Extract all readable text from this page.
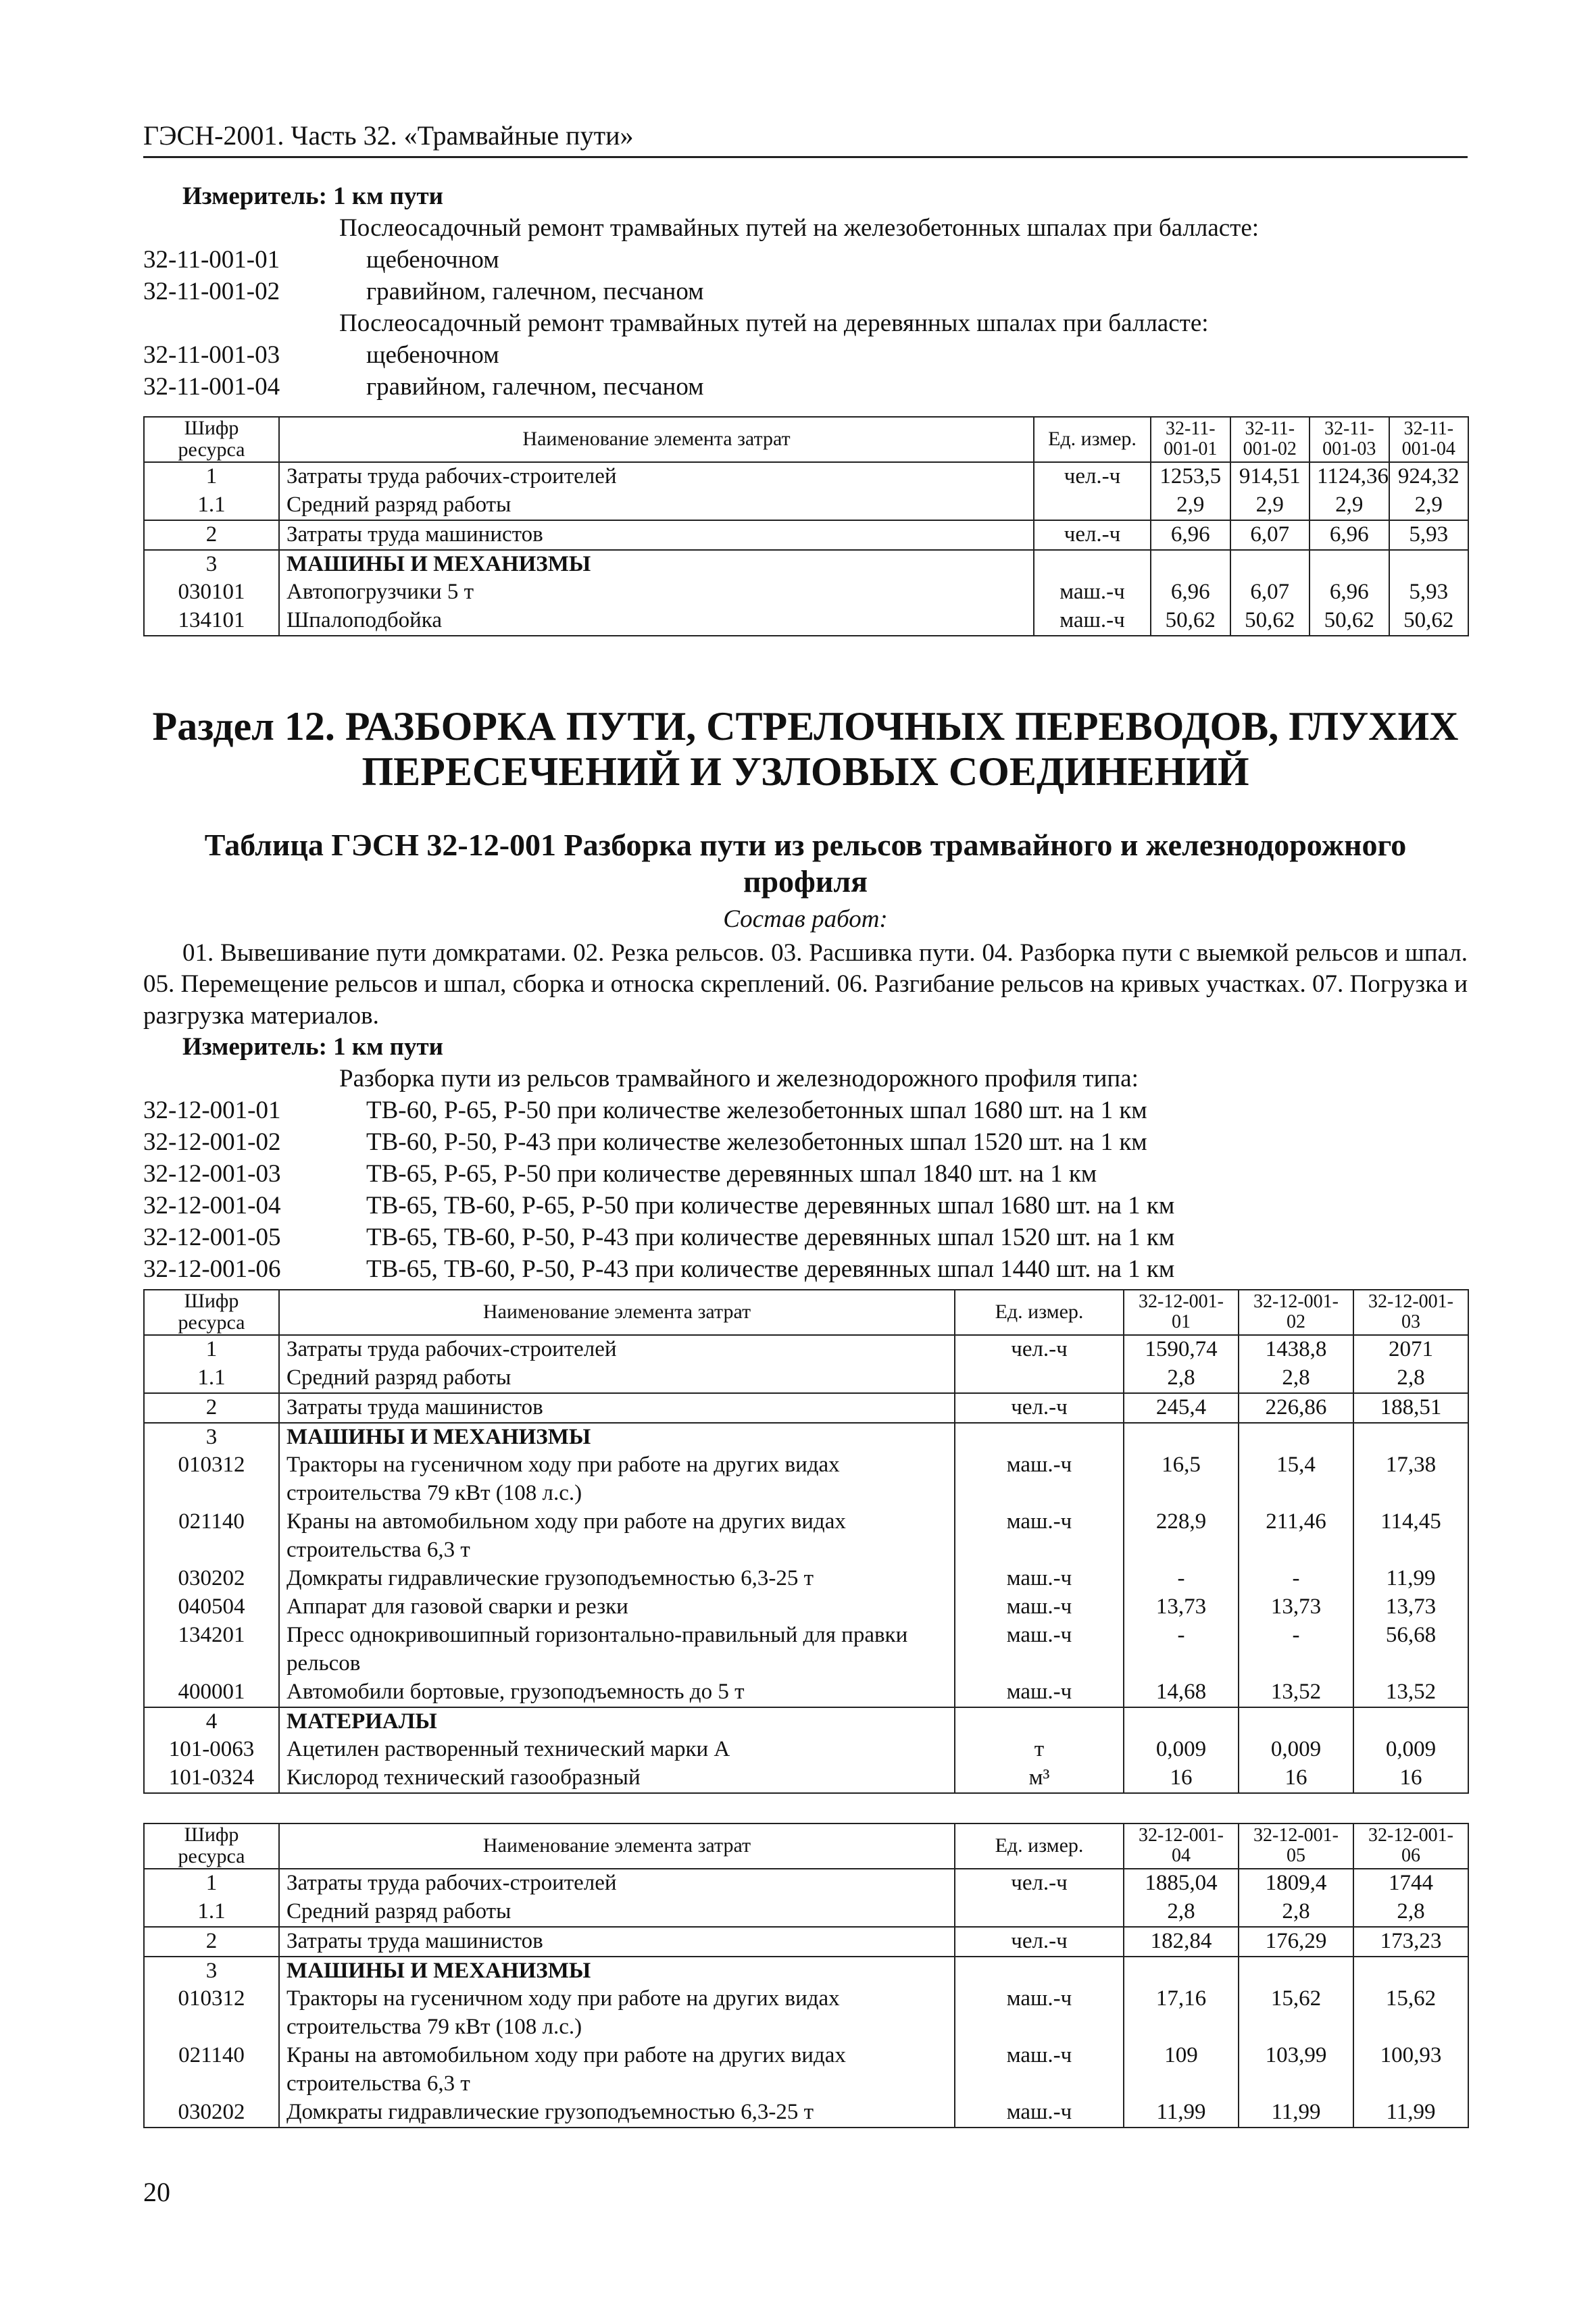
ГЭСН-2001. Часть 32. «Трамвайные пути»
Измеритель: 1 км пути
Послеосадочный ремонт трамвайных путей на железобетонных шпалах при балласте:
32-11-001-01	щебеночном
32-11-001-02	гравийном, галечном, песчаном
Послеосадочный ремонт трамвайных путей на деревянных шпалах при балласте:
32-11-001-03	щебеночном
32-11-001-04	гравийном, галечном, песчаном
Шифр ресурса	Наименование элемента затрат	Ед. измер.	32-11-001-01	32-11-001-02	32-11-001-03	32-11-001-04
1	Затраты труда рабочих-строителей	чел.-ч	1253,5	914,51	1124,36	924,32
1.1	Средний разряд работы		2,9	2,9	2,9	2,9
2	Затраты труда машинистов	чел.-ч	6,96	6,07	6,96	5,93
3	МАШИНЫ И МЕХАНИЗМЫ					
030101	Автопогрузчики 5 т	маш.-ч	6,96	6,07	6,96	5,93
134101	Шпалоподбойка	маш.-ч	50,62	50,62	50,62	50,62
Раздел 12. РАЗБОРКА ПУТИ, СТРЕЛОЧНЫХ ПЕРЕВОДОВ, ГЛУХИХ
ПЕРЕСЕЧЕНИЙ И УЗЛОВЫХ СОЕДИНЕНИЙ
Таблица ГЭСН 32-12-001 Разборка пути из рельсов трамвайного и железнодорожного
профиля
Состав работ:
01. Вывешивание пути домкратами. 02. Резка рельсов. 03. Расшивка пути. 04. Разборка пути с выемкой рельсов и шпал. 05. Перемещение рельсов и шпал, сборка и относка скреплений. 06. Разгибание рельсов на кривых участках. 07. Погрузка и разгрузка материалов.
Измеритель: 1 км пути
Разборка пути из рельсов трамвайного и железнодорожного профиля типа:
32-12-001-01	ТВ-60, Р-65, Р-50 при количестве железобетонных шпал 1680 шт. на 1 км
32-12-001-02	ТВ-60, Р-50, Р-43 при количестве железобетонных шпал 1520 шт. на 1 км
32-12-001-03	ТВ-65, Р-65, Р-50 при количестве деревянных шпал 1840 шт. на 1 км
32-12-001-04	ТВ-65, ТВ-60, Р-65, Р-50 при количестве деревянных шпал 1680 шт. на 1 км
32-12-001-05	ТВ-65, ТВ-60, Р-50, Р-43 при количестве деревянных шпал 1520 шт. на 1 км
32-12-001-06	ТВ-65, ТВ-60, Р-50, Р-43 при количестве деревянных шпал 1440 шт. на 1 км
Шифр ресурса	Наименование элемента затрат	Ед. измер.	32-12-001-01	32-12-001-02	32-12-001-03
1	Затраты труда рабочих-строителей	чел.-ч	1590,74	1438,8	2071
1.1	Средний разряд работы		2,8	2,8	2,8
2	Затраты труда машинистов	чел.-ч	245,4	226,86	188,51
3	МАШИНЫ И МЕХАНИЗМЫ				
010312	Тракторы на гусеничном ходу при работе на других видах строительства 79 кВт (108 л.с.)	маш.-ч	16,5	15,4	17,38
021140	Краны на автомобильном ходу при работе на других видах строительства 6,3 т	маш.-ч	228,9	211,46	114,45
030202	Домкраты гидравлические грузоподъемностью 6,3-25 т	маш.-ч	-	-	11,99
040504	Аппарат для газовой сварки и резки	маш.-ч	13,73	13,73	13,73
134201	Пресс однокривошипный горизонтально-правильный для правки рельсов	маш.-ч	-	-	56,68
400001	Автомобили бортовые, грузоподъемность до 5 т	маш.-ч	14,68	13,52	13,52
4	МАТЕРИАЛЫ				
101-0063	Ацетилен растворенный технический марки А	т	0,009	0,009	0,009
101-0324	Кислород технический газообразный	м³	16	16	16
Шифр ресурса	Наименование элемента затрат	Ед. измер.	32-12-001-04	32-12-001-05	32-12-001-06
1	Затраты труда рабочих-строителей	чел.-ч	1885,04	1809,4	1744
1.1	Средний разряд работы		2,8	2,8	2,8
2	Затраты труда машинистов	чел.-ч	182,84	176,29	173,23
3	МАШИНЫ И МЕХАНИЗМЫ				
010312	Тракторы на гусеничном ходу при работе на других видах строительства 79 кВт (108 л.с.)	маш.-ч	17,16	15,62	15,62
021140	Краны на автомобильном ходу при работе на других видах строительства 6,3 т	маш.-ч	109	103,99	100,93
030202	Домкраты гидравлические грузоподъемностью 6,3-25 т	маш.-ч	11,99	11,99	11,99
20
